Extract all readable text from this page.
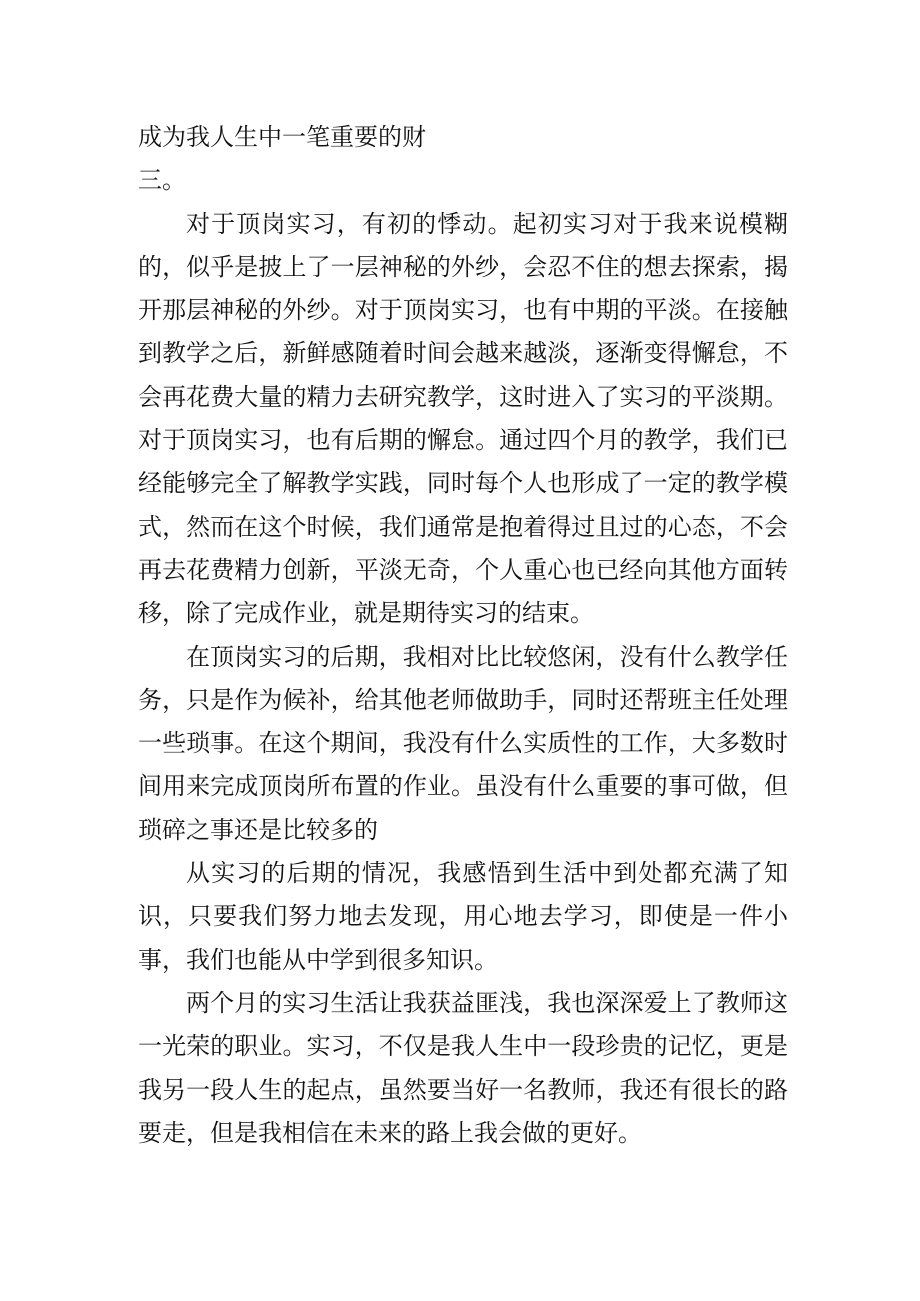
成为我人生中一笔重要的财

三。

对于顶岗实习，有初的悸动。起初实习对于我来说模糊的，似乎是披上了一层神秘的外纱，会忍不住的想去探索，揭开那层神秘的外纱。对于顶岗实习，也有中期的平淡。在接触到教学之后，新鲜感随着时间会越来越淡，逐渐变得懈怠，不会再花费大量的精力去研究教学，这时进入了实习的平淡期。对于顶岗实习，也有后期的懈怠。通过四个月的教学，我们已经能够完全了解教学实践，同时每个人也形成了一定的教学模式，然而在这个时候，我们通常是抱着得过且过的心态，不会再去花费精力创新，平淡无奇，个人重心也已经向其他方面转移，除了完成作业，就是期待实习的结束。

在顶岗实习的后期，我相对比比较悠闲，没有什么教学任务，只是作为候补，给其他老师做助手，同时还帮班主任处理一些琐事。在这个期间，我没有什么实质性的工作，大多数时间用来完成顶岗所布置的作业。虽没有什么重要的事可做，但琐碎之事还是比较多的

从实习的后期的情况，我感悟到生活中到处都充满了知识，只要我们努力地去发现，用心地去学习，即使是一件小事，我们也能从中学到很多知识。

两个月的实习生活让我获益匪浅，我也深深爱上了教师这一光荣的职业。实习，不仅是我人生中一段珍贵的记忆，更是我另一段人生的起点，虽然要当好一名教师，我还有很长的路要走，但是我相信在未来的路上我会做的更好。
